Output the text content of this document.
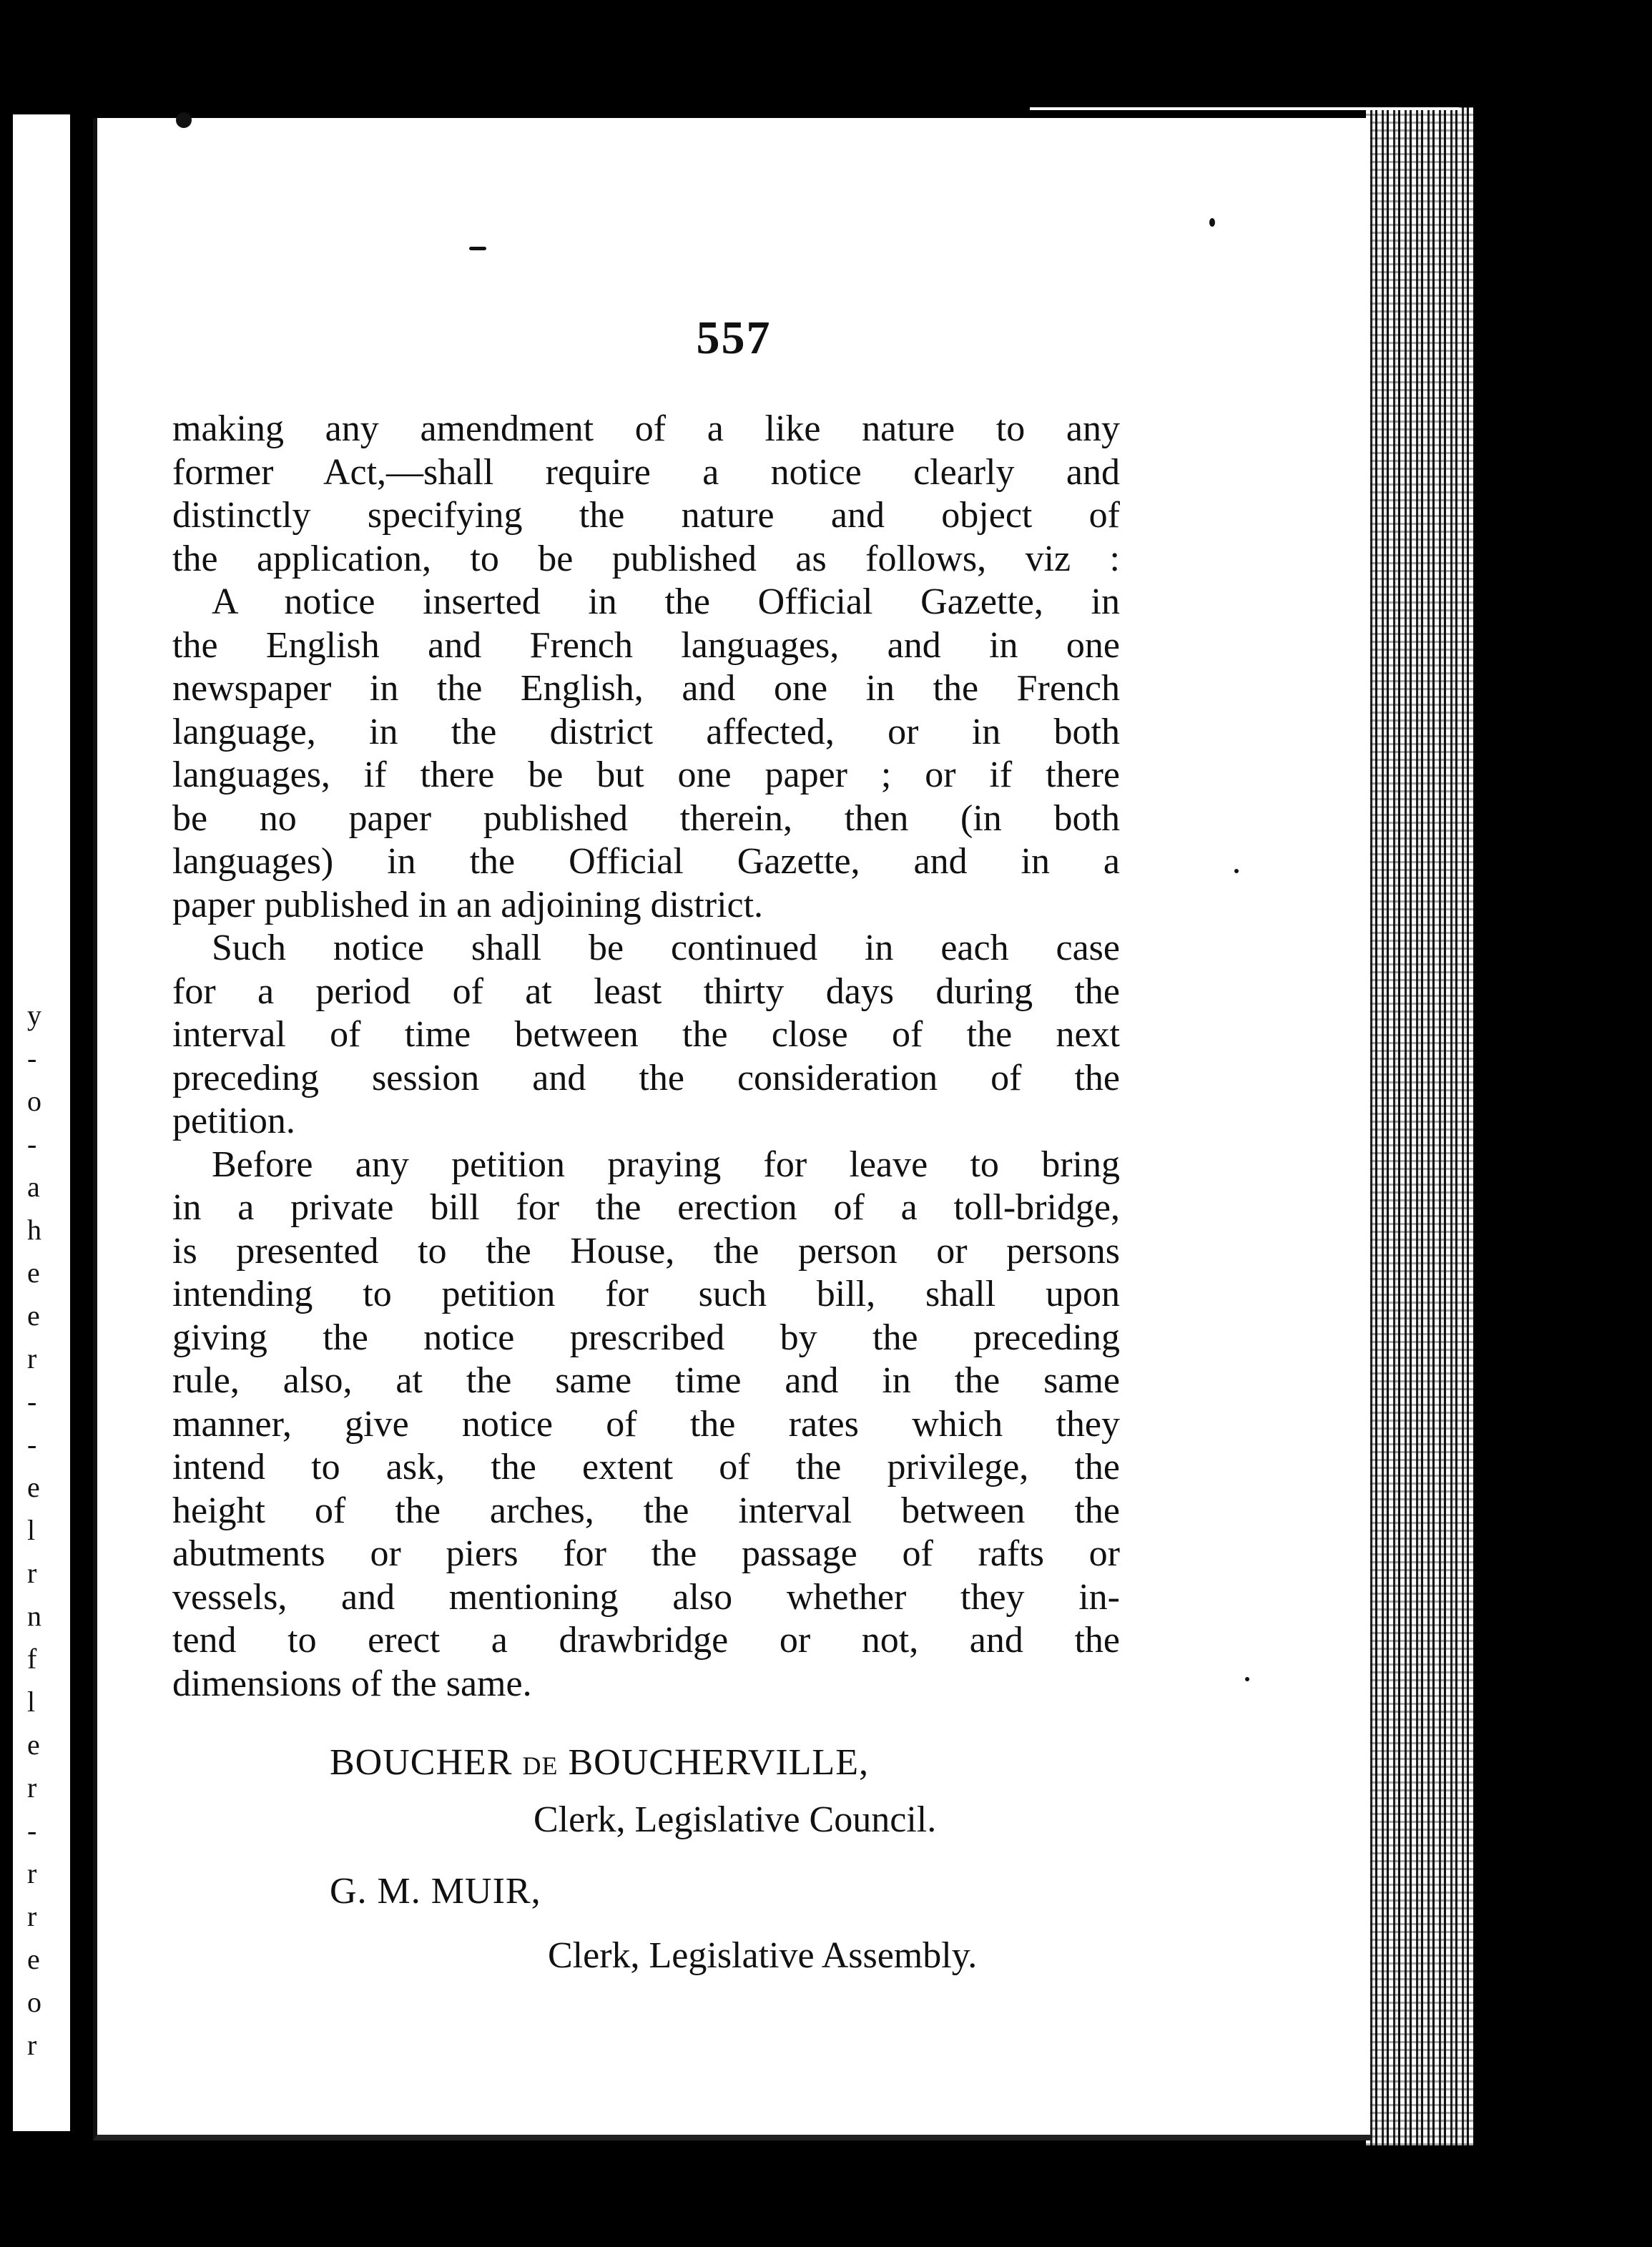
y
-
o
-
a
h
e
e
r
-
-
e
l
r
n
f
l
e
r
-
r
r
e
o
r
557
making any amendment of a like nature to any
former Act,—shall require a notice clearly and
distinctly specifying the nature and object of
the application, to be published as follows, viz :
A notice inserted in the Official Gazette, in
the English and French languages, and in one
newspaper in the English, and one in the French
language, in the district affected, or in both
languages, if there be but one paper ; or if there
be no paper published therein, then (in both
languages) in the Official Gazette, and in a
paper published in an adjoining district.
Such notice shall be continued in each case
for a period of at least thirty days during the
interval of time between the close of the next
preceding session and the consideration of the
petition.
Before any petition praying for leave to bring
in a private bill for the erection of a toll-bridge,
is presented to the House, the person or persons
intending to petition for such bill, shall upon
giving the notice prescribed by the preceding
rule, also, at the same time and in the same
manner, give notice of the rates which they
intend to ask, the extent of the privilege, the
height of the arches, the interval between the
abutments or piers for the passage of rafts or
vessels, and mentioning also whether they in-
tend to erect a drawbridge or not, and the
dimensions of the same.
BOUCHER DE BOUCHERVILLE,
Clerk, Legislative Council.
G. M. MUIR,
Clerk, Legislative Assembly.
